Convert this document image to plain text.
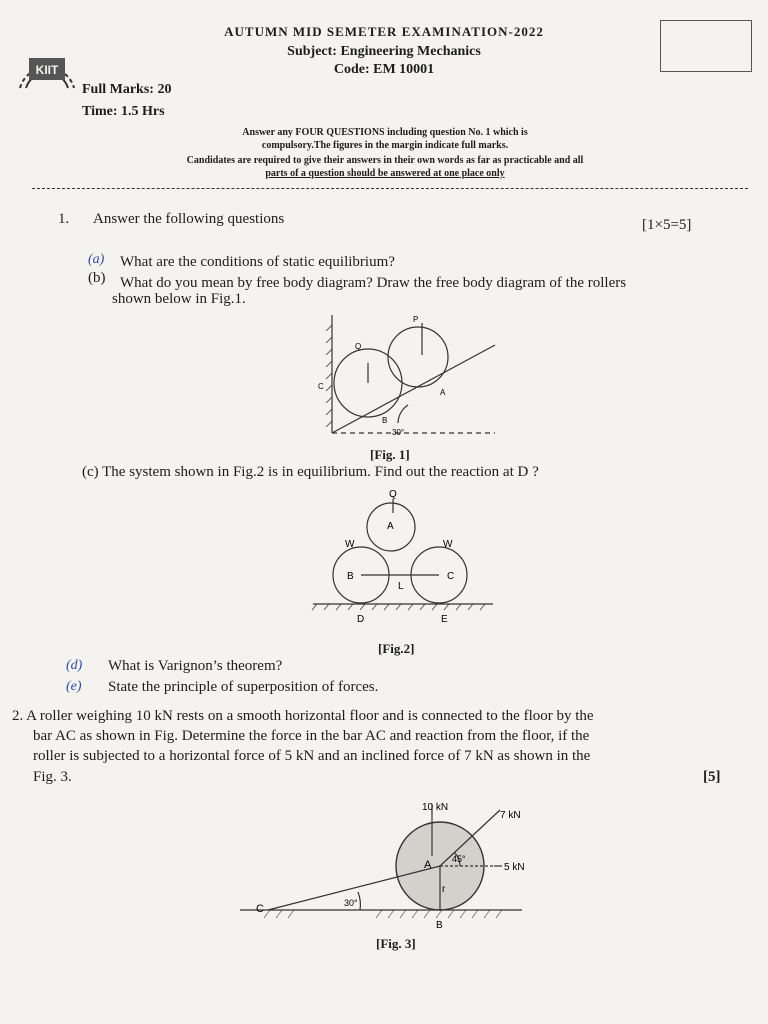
AUTUMN MID SEMETER EXAMINATION-2022
Subject: Engineering Mechanics
Code: EM 10001
KIIT
Full Marks: 20
Time: 1.5 Hrs
Answer any FOUR QUESTIONS including question No. 1 which is
compulsory.The figures in the margin indicate full marks.
Candidates are required to give their answers in their own words as far as practicable and all
parts of a question should be answered at one place only
1. Answer the following questions	[1×5=5]
(a) What are the conditions of static equilibrium?
(b) What do you mean by free body diagram? Draw the free body diagram of the rollers
shown below in Fig.1.
P
Q
C
A
B
30°
[Fig. 1]
(c) The system shown in Fig.2 is in equilibrium. Find out the reaction at D ?
Q
A
W	W
B	C
L
D	E
[Fig.2]
(d) What is Varignon’s theorem?
(e) State the principle of superposition of forces.
2. A roller weighing 10 kN rests on a smooth horizontal floor and is connected to the floor by the
bar AC as shown in Fig. Determine the force in the bar AC and reaction from the floor, if the
roller is subjected to a horizontal force of 5 kN and an inclined force of 7 kN as shown in the
Fig. 3.	[5]
10 kN
7 kN
5 kN
A 45°
r
30°
C
B
[Fig. 3]
